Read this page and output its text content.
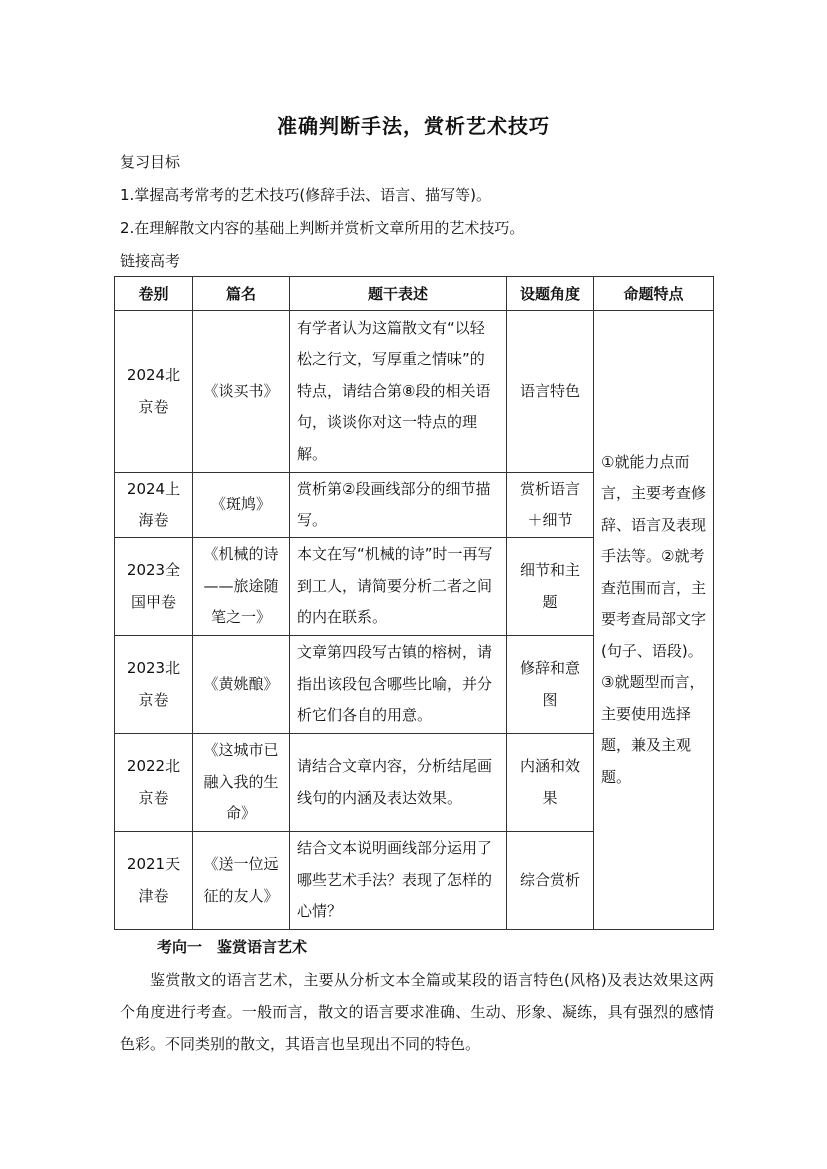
准确判断手法，赏析艺术技巧
复习目标
1.掌握高考常考的艺术技巧(修辞手法、语言、描写等)。
2.在理解散文内容的基础上判断并赏析文章所用的艺术技巧。
链接高考
卷别	篇名	题干表述	设题角度	命题特点
2024北京卷	《谈买书》	有学者认为这篇散文有“以轻松之行文，写厚重之情味”的特点，请结合第⑧段的相关语句，谈谈你对这一特点的理解。	语言特色	①就能力点而言，主要考查修辞、语言及表现手法等。②就考查范围而言，主要考查局部文字(句子、语段)。③就题型而言，主要使用选择题，兼及主观题。
2024上海卷	《斑鸠》	赏析第②段画线部分的细节描写。	赏析语言＋细节	
2023全国甲卷	《机械的诗——旅途随笔之一》	本文在写“机械的诗”时一再写到工人，请简要分析二者之间的内在联系。	细节和主题	
2023北京卷	《黄姚酿》	文章第四段写古镇的榕树，请指出该段包含哪些比喻，并分析它们各自的用意。	修辞和意图	
2022北京卷	《这城市已融入我的生命》	请结合文章内容，分析结尾画线句的内涵及表达效果。	内涵和效果	
2021天津卷	《送一位远征的友人》	结合文本说明画线部分运用了哪些艺术手法？表现了怎样的心情？	综合赏析	
考向一　鉴赏语言艺术
鉴赏散文的语言艺术，主要从分析文本全篇或某段的语言特色(风格)及表达效果这两个角度进行考查。一般而言，散文的语言要求准确、生动、形象、凝练，具有强烈的感情色彩。不同类别的散文，其语言也呈现出不同的特色。
